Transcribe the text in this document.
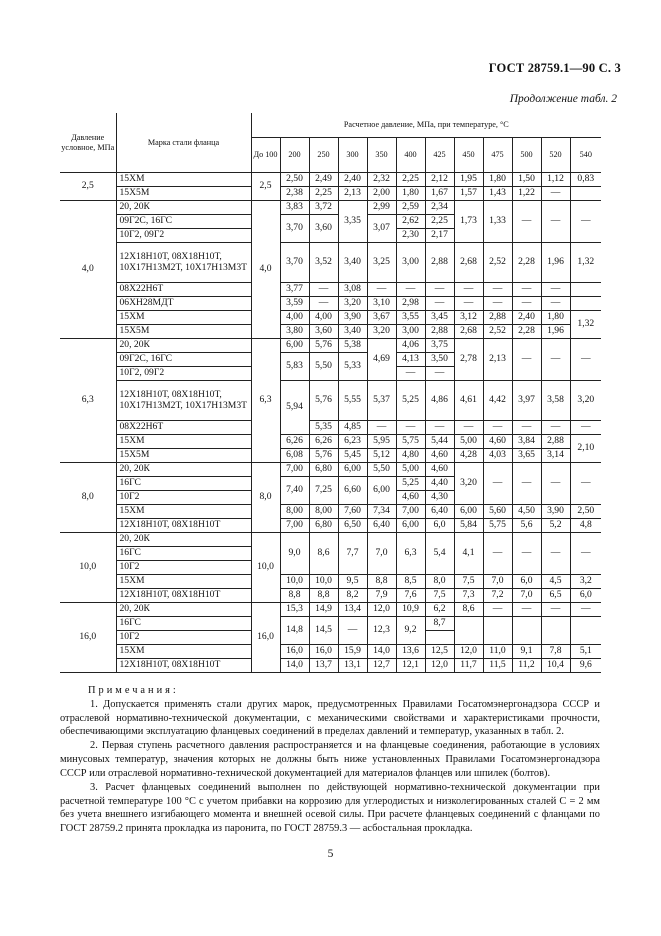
ГОСТ 28759.1—90 С. 3
Продолжение табл. 2
Давление условное, МПа	Марка стали фланца	Расчетное давление, МПа, при температуре, °С											
		До 100	200	250	300	350	400	425	450	475	500	520	540
2,5	15ХМ	2,5	2,50	2,49	2,40	2,32	2,25	2,12	1,95	1,80	1,50	1,12	0,83
	15Х5М		2,38	2,25	2,13	2,00	1,80	1,67	1,57	1,43	1,22	—	
4,0	20, 20К	4,0	3,83	3,72	3,35	2,99	2,59	2,34	1,73	1,33	—	—	—
	09Г2С, 16ГС		3,70	3,60		3,07	2,62	2,25					
	10Г2, 09Г2						2,30	2,17					
	12Х18Н10Т, 08Х18Н10Т, 10Х17Н13М2Т, 10Х17Н13М3Т		3,70	3,52	3,40	3,25	3,00	2,88	2,68	2,52	2,28	1,96	1,32
	08Х22Н6Т		3,77	—	3,08	—	—	—	—	—	—	—	
	06ХН28МДТ		3,59	—	3,20	3,10	2,98	—	—	—	—	—	
	15ХМ		4,00	4,00	3,90	3,67	3,55	3,45	3,12	2,88	2,40	1,80	1,32
	15Х5М		3,80	3,60	3,40	3,20	3,00	2,88	2,68	2,52	2,28	1,96	
6,3	20, 20К	6,3	6,00	5,76	5,38	4,69	4,06	3,75	2,78	2,13	—	—	—
	09Г2С, 16ГС		5,83	5,50	5,33		4,13	3,50					
	10Г2, 09Г2						—	—					
	12Х18Н10Т, 08Х18Н10Т, 10Х17Н13М2Т, 10Х17Н13М3Т		5,94	5,76	5,55	5,37	5,25	4,86	4,61	4,42	3,97	3,58	3,20
	08Х22Н6Т			5,35	4,85	—	—	—	—	—	—	—	—
	15ХМ		6,26	6,26	6,23	5,95	5,75	5,44	5,00	4,60	3,84	2,88	2,10
	15Х5М		6,08	5,76	5,45	5,12	4,80	4,60	4,28	4,03	3,65	3,14	
8,0	20, 20К	8,0	7,00	6,80	6,00	5,50	5,00	4,60	3,20	—	—	—	—
	16ГС		7,40	7,25	6,60	6,00	5,25	4,40					
	10Г2						4,60	4,30					
	15ХМ		8,00	8,00	7,60	7,34	7,00	6,40	6,00	5,60	4,50	3,90	2,50
	12Х18Н10Т, 08Х18Н10Т		7,00	6,80	6,50	6,40	6,00	6,0	5,84	5,75	5,6	5,2	4,8
10,0	20, 20К	10,0	9,0	8,6	7,7	7,0	6,3	5,4	4,1	—	—	—	—
	16ГС												
	10Г2												
	15ХМ		10,0	10,0	9,5	8,8	8,5	8,0	7,5	7,0	6,0	4,5	3,2
	12Х18Н10Т, 08Х18Н10Т		8,8	8,8	8,2	7,9	7,6	7,5	7,3	7,2	7,0	6,5	6,0
16,0	20, 20К	16,0	15,3	14,9	13,4	12,0	10,9	6,2	8,6	—	—	—	—
	16ГС		14,8	14,5	—	12,3	9,2	8,7					
	10Г2												
	15ХМ		16,0	16,0	15,9	14,0	13,6	12,5	12,0	11,0	9,1	7,8	5,1
	12Х18Н10Т, 08Х18Н10Т		14,0	13,7	13,1	12,7	12,1	12,0	11,7	11,5	11,2	10,4	9,6
Примечания:

1. Допускается применять стали других марок, предусмотренных Правилами Госатомэнергонадзора СССР и отраслевой нормативно-технической документации, с механическими свойствами и характеристиками прочности, обеспечивающими эксплуатацию фланцевых соединений в пределах давлений и температур, указанных в табл. 2.

2. Первая ступень расчетного давления распространяется и на фланцевые соединения, работающие в условиях минусовых температур, значения которых не должны быть ниже установленных Правилами Госатомэнергонадзора СССР или отраслевой нормативно-технической документацией для материалов фланцев или шпилек (болтов).

3. Расчет фланцевых соединений выполнен по действующей нормативно-технической документации при расчетной температуре 100 °С с учетом прибавки на коррозию для углеродистых и низколегированных сталей С = 2 мм без учета внешнего изгибающего момента и внешней осевой силы. При расчете фланцевых соединений с фланцами по ГОСТ 28759.2 принята прокладка из паронита, по ГОСТ 28759.3 — асбостальная прокладка.

5
